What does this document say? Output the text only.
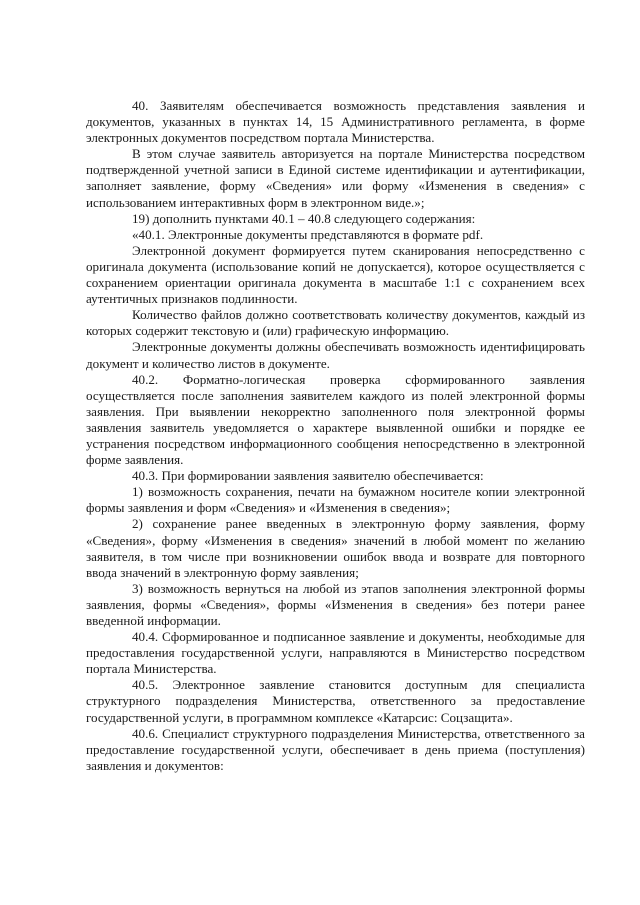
40. Заявителям обеспечивается возможность представления заявления и документов, указанных в пунктах 14, 15 Административного регламента, в форме электронных документов посредством портала Министерства.

В этом случае заявитель авторизуется на портале Министерства посредством подтвержденной учетной записи в Единой системе идентификации и аутентификации, заполняет заявление, форму «Сведения» или форму «Изменения в сведения» с использованием интерактивных форм в электронном виде.»;

19) дополнить пунктами 40.1 – 40.8 следующего содержания:

«40.1. Электронные документы представляются в формате pdf.

Электронной документ формируется путем сканирования непосредственно с оригинала документа (использование копий не допускается), которое осуществляется с сохранением ориентации оригинала документа в масштабе 1:1 с сохранением всех аутентичных признаков подлинности.

Количество файлов должно соответствовать количеству документов, каждый из которых содержит текстовую и (или) графическую информацию.

Электронные документы должны обеспечивать возможность идентифицировать документ и количество листов в документе.

40.2. Форматно-логическая проверка сформированного заявления осуществляется после заполнения заявителем каждого из полей электронной формы заявления. При выявлении некорректно заполненного поля электронной формы заявления заявитель уведомляется о характере выявленной ошибки и порядке ее устранения посредством информационного сообщения непосредственно в электронной форме заявления.

40.3. При формировании заявления заявителю обеспечивается:

1) возможность сохранения, печати на бумажном носителе копии электронной формы заявления и форм «Сведения» и «Изменения в сведения»;

2) сохранение ранее введенных в электронную форму заявления, форму «Сведения», форму «Изменения в сведения» значений в любой момент по желанию заявителя, в том числе при возникновении ошибок ввода и возврате для повторного ввода значений в электронную форму заявления;

3) возможность вернуться на любой из этапов заполнения электронной формы заявления, формы «Сведения», формы «Изменения в сведения» без потери ранее введенной информации.

40.4. Сформированное и подписанное заявление и документы, необходимые для предоставления государственной услуги, направляются в Министерство посредством портала Министерства.

40.5. Электронное заявление становится доступным для специалиста структурного подразделения Министерства, ответственного за предоставление государственной услуги, в программном комплексе «Катарсис: Соцзащита».

40.6. Специалист структурного подразделения Министерства, ответственного за предоставление государственной услуги, обеспечивает в день приема (поступления) заявления и документов:
